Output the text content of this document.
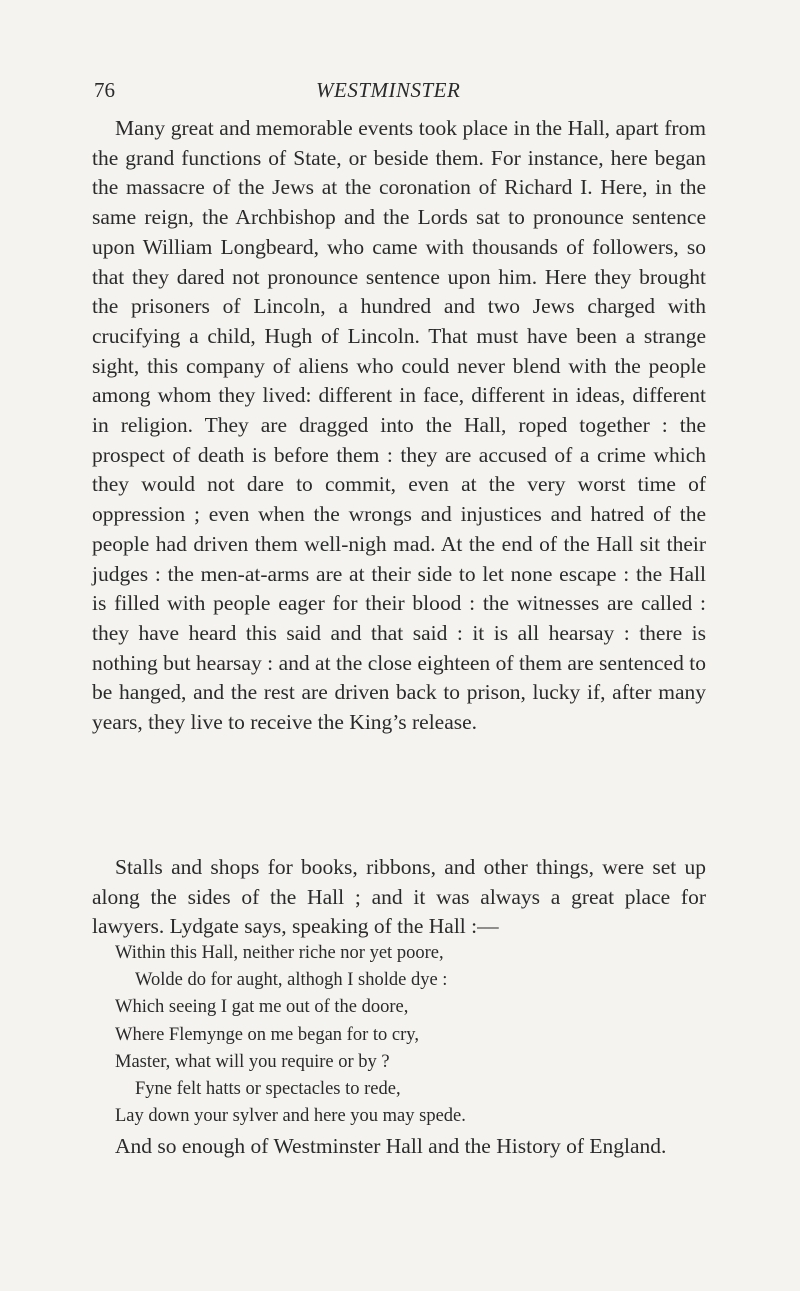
76	WESTMINSTER

Many great and memorable events took place in the Hall, apart from the grand functions of State, or beside them. For instance, here began the massacre of the Jews at the coronation of Richard I. Here, in the same reign, the Archbishop and the Lords sat to pronounce sentence upon William Longbeard, who came with thousands of followers, so that they dared not pronounce sentence upon him. Here they brought the prisoners of Lincoln, a hundred and two Jews charged with crucifying a child, Hugh of Lincoln. That must have been a strange sight, this company of aliens who could never blend with the people among whom they lived: different in face, different in ideas, different in religion. They are dragged into the Hall, roped together : the prospect of death is before them : they are accused of a crime which they would not dare to commit, even at the very worst time of oppression ; even when the wrongs and injustices and hatred of the people had driven them well-nigh mad. At the end of the Hall sit their judges : the men-at-arms are at their side to let none escape : the Hall is filled with people eager for their blood : the witnesses are called : they have heard this said and that said : it is all hearsay : there is nothing but hearsay : and at the close eighteen of them are sentenced to be hanged, and the rest are driven back to prison, lucky if, after many years, they live to receive the King’s release.

Stalls and shops for books, ribbons, and other things, were set up along the sides of the Hall ; and it was always a great place for lawyers. Lydgate says, speaking of the Hall :—

Within this Hall, neither riche nor yet poore,
Wolde do for aught, althogh I sholde dye :
Which seeing I gat me out of the doore,
Where Flemynge on me began for to cry,
Master, what will you require or by ?
Fyne felt hatts or spectacles to rede,
Lay down your sylver and here you may spede.

And so enough of Westminster Hall and the History of England.
